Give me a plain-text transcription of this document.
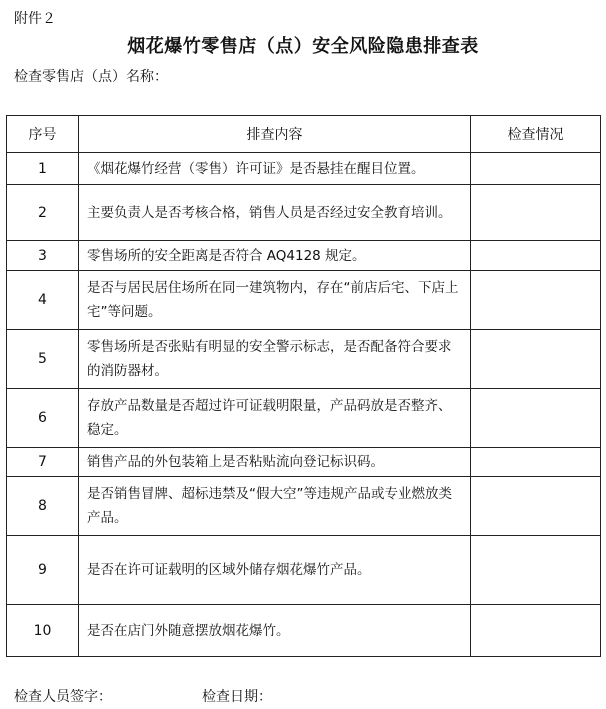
附件２
烟花爆竹零售店（点）安全风险隐患排查表
检查零售店（点）名称：
序号	排查内容	检查情况
1	《烟花爆竹经营（零售）许可证》是否悬挂在醒目位置。	
2	主要负责人是否考核合格，销售人员是否经过安全教育培训。	
3	零售场所的安全距离是否符合 AQ4128 规定。	
4	是否与居民居住场所在同一建筑物内，存在“前店后宅、下店上宅”等问题。	
5	零售场所是否张贴有明显的安全警示标志，是否配备符合要求的消防器材。	
6	存放产品数量是否超过许可证载明限量，产品码放是否整齐、稳定。	
7	销售产品的外包装箱上是否粘贴流向登记标识码。	
8	是否销售冒牌、超标违禁及“假大空”等违规产品或专业燃放类产品。	
9	是否在许可证载明的区域外储存烟花爆竹产品。	
10	是否在店门外随意摆放烟花爆竹。	
检查人员签字：	检查日期：
